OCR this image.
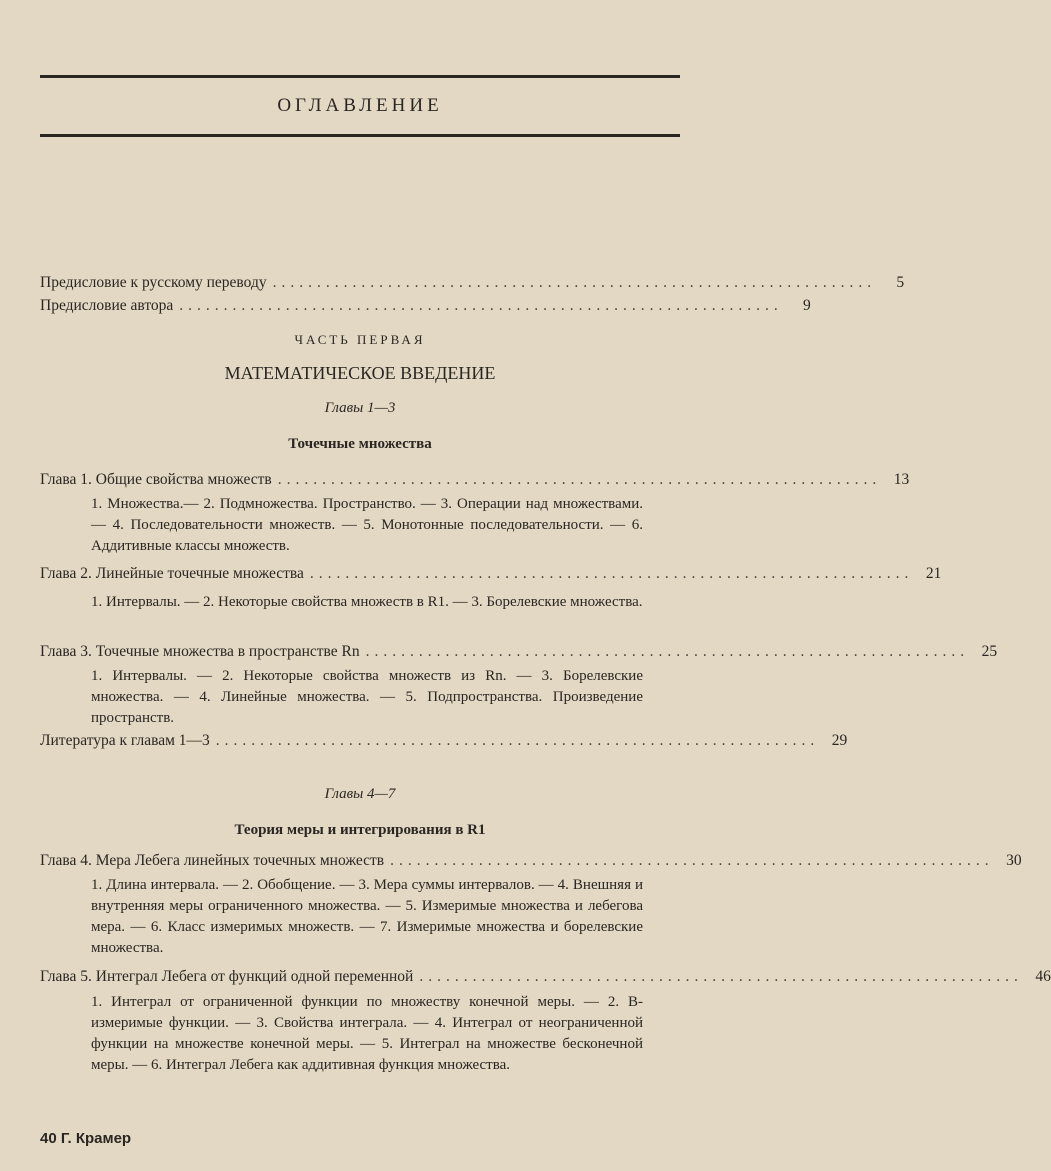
ОГЛАВЛЕНИЕ
Предисловие к русскому переводу ....................................................................	5
Предисловие автора ....................................................................	9
ЧАСТЬ ПЕРВАЯ
МАТЕМАТИЧЕСКОЕ ВВЕДЕНИЕ
Главы 1—3
Точечные множества
Глава 1. Общие свойства множеств .................................................................... 13

1. Множества.— 2. Подмножества. Пространство. — 3. Операции над множествами. — 4. Последовательности множеств. — 5. Монотонные последовательности. — 6. Аддитивные классы множеств.

Глава 2. Линейные точечные множества .................................................................... 21

1. Интервалы. — 2. Некоторые свойства множеств в R1. — 3. Борелевские множества.

Глава 3. Точечные множества в пространстве Rn .................................................................... 25

1. Интервалы. — 2. Некоторые свойства множеств из Rn. — 3. Борелевские множества. — 4. Линейные множества. — 5. Подпространства. Произведение пространств.

Литература к главам 1—3 .................................................................... 29
Главы 4—7
Теория меры и интегрирования в R1
Глава 4. Мера Лебега линейных точечных множеств .................................................................... 30

1. Длина интервала. — 2. Обобщение. — 3. Мера суммы интервалов. — 4. Внешняя и внутренняя меры ограниченного множества. — 5. Измеримые множества и лебегова мера. — 6. Класс измеримых множеств. — 7. Измеримые множества и борелевские множества.

Глава 5. Интеграл Лебега от функций одной переменной .................................................................... 46

1. Интеграл от ограниченной функции по множеству конечной меры. — 2. B-измеримые функции. — 3. Свойства интеграла. — 4. Интеграл от неограниченной функции на множестве конечной меры. — 5. Интеграл на множестве бесконечной меры. — 6. Интеграл Лебега как аддитивная функция множества.

40 Г. Крамер
